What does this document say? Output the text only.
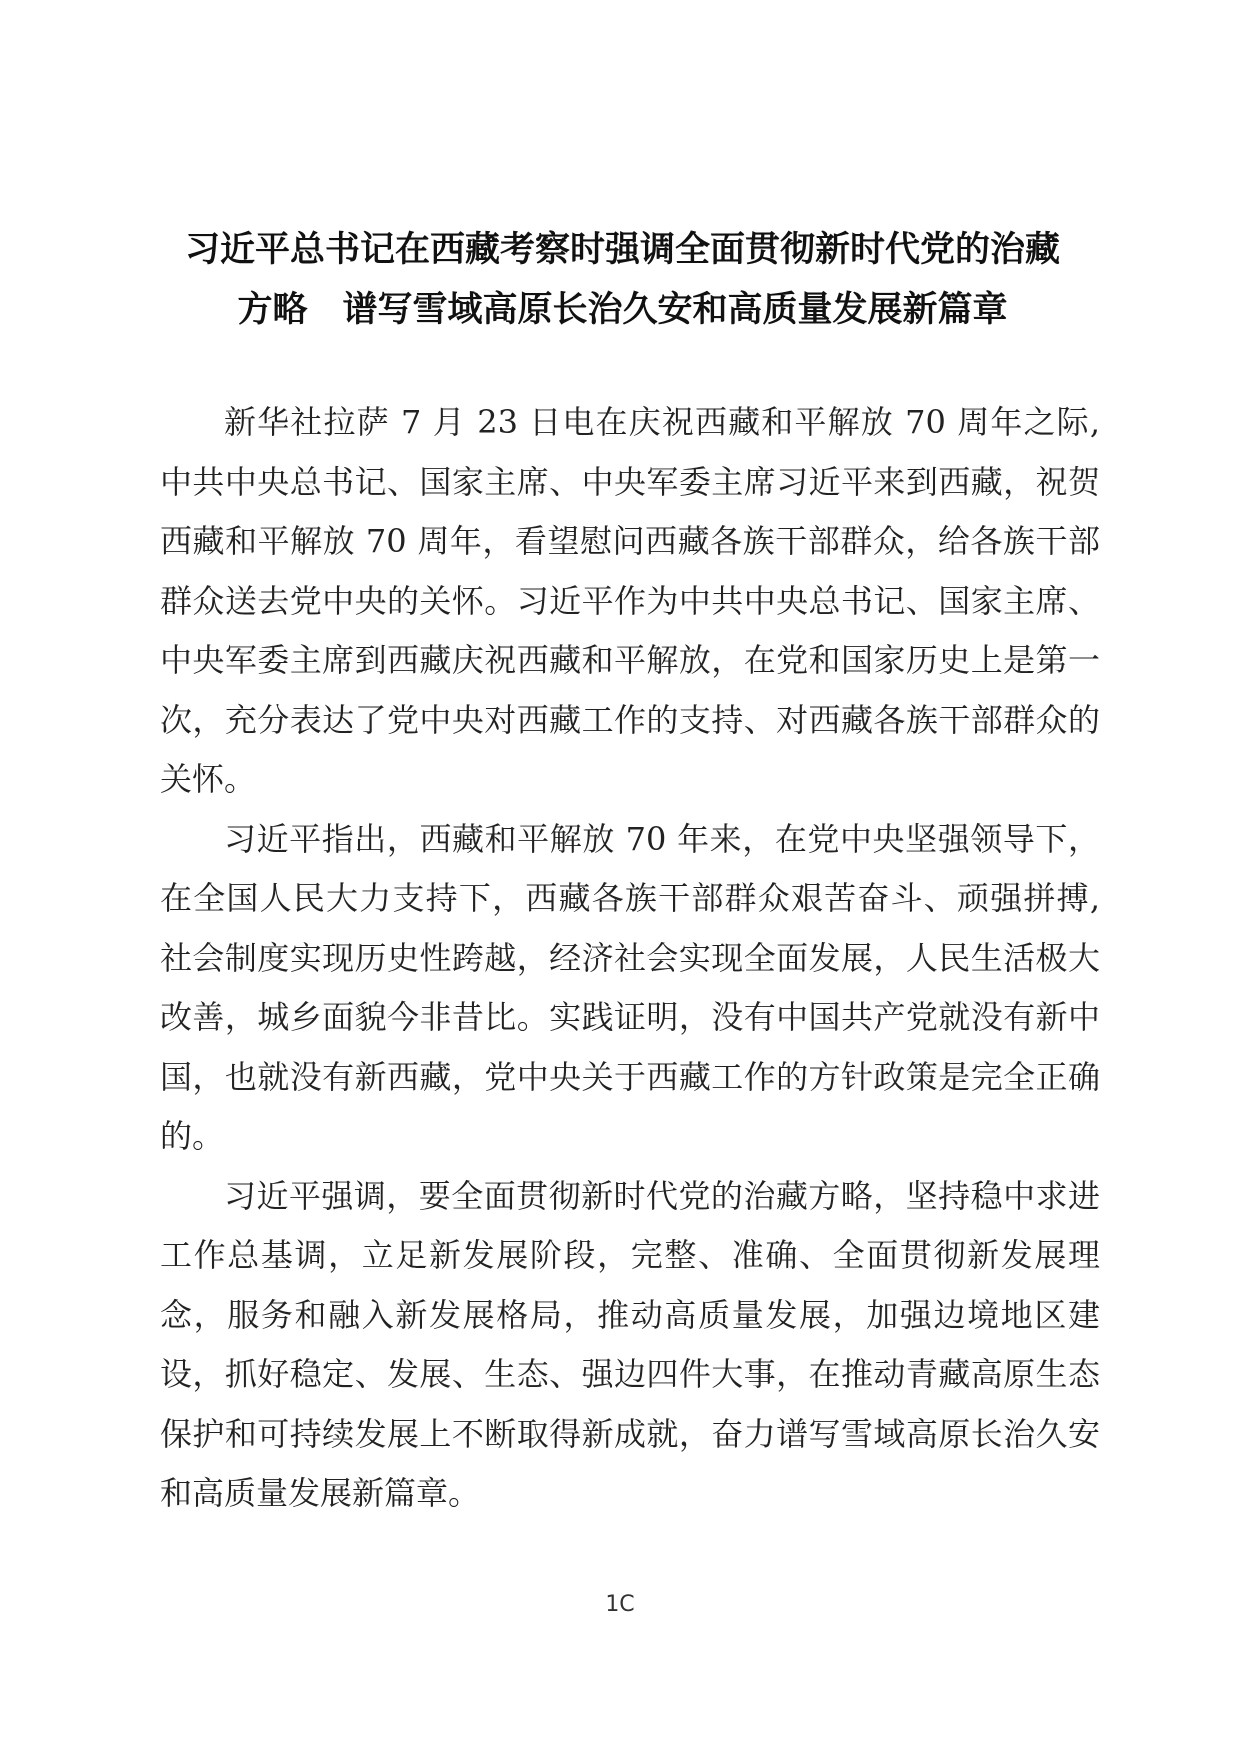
习近平总书记在西藏考察时强调全面贯彻新时代党的治藏
方略　谱写雪域高原长治久安和高质量发展新篇章

新华社拉萨 7 月 23 日电在庆祝西藏和平解放 70 周年之际, 中共中央总书记、国家主席、中央军委主席习近平来到西藏，祝贺西藏和平解放 70 周年，看望慰问西藏各族干部群众，给各族干部群众送去党中央的关怀。习近平作为中共中央总书记、国家主席、中央军委主席到西藏庆祝西藏和平解放，在党和国家历史上是第一次，充分表达了党中央对西藏工作的支持、对西藏各族干部群众的关怀。

习近平指出，西藏和平解放 70 年来，在党中央坚强领导下，在全国人民大力支持下，西藏各族干部群众艰苦奋斗、顽强拼搏, 社会制度实现历史性跨越，经济社会实现全面发展，人民生活极大改善，城乡面貌今非昔比。实践证明，没有中国共产党就没有新中国，也就没有新西藏，党中央关于西藏工作的方针政策是完全正确的。

习近平强调，要全面贯彻新时代党的治藏方略，坚持稳中求进工作总基调，立足新发展阶段，完整、准确、全面贯彻新发展理念，服务和融入新发展格局，推动高质量发展，加强边境地区建设，抓好稳定、发展、生态、强边四件大事，在推动青藏高原生态保护和可持续发展上不断取得新成就，奋力谱写雪域高原长治久安和高质量发展新篇章。

1C
